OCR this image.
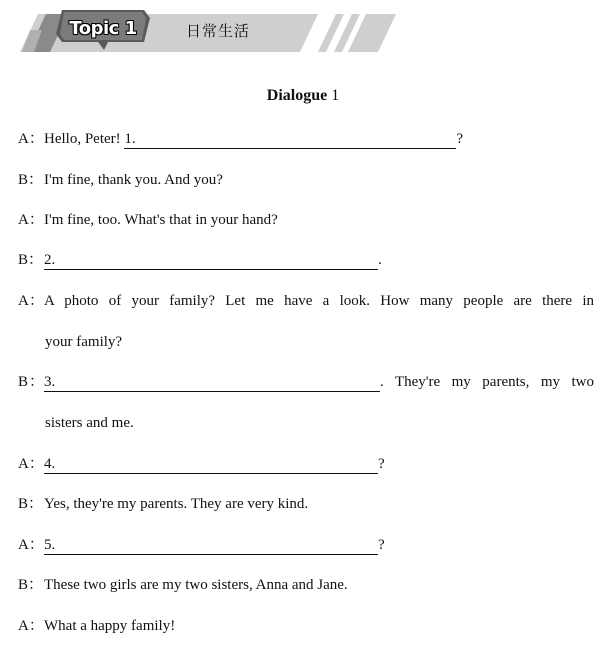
Topic 1	日常生活
Dialogue 1
A：Hello, Peter! 1.	?
B：I'm fine, thank you. And you?
A：I'm fine, too. What's that in your hand?
B：2.	.
A：A photo of your family? Let me have a look. How many people are there in
your family?
B：3.	. They're my parents, my two
sisters and me.
A：4.	?
B：Yes, they're my parents. They are very kind.
A：5.	?
B：These two girls are my two sisters, Anna and Jane.
A：What a happy family!
